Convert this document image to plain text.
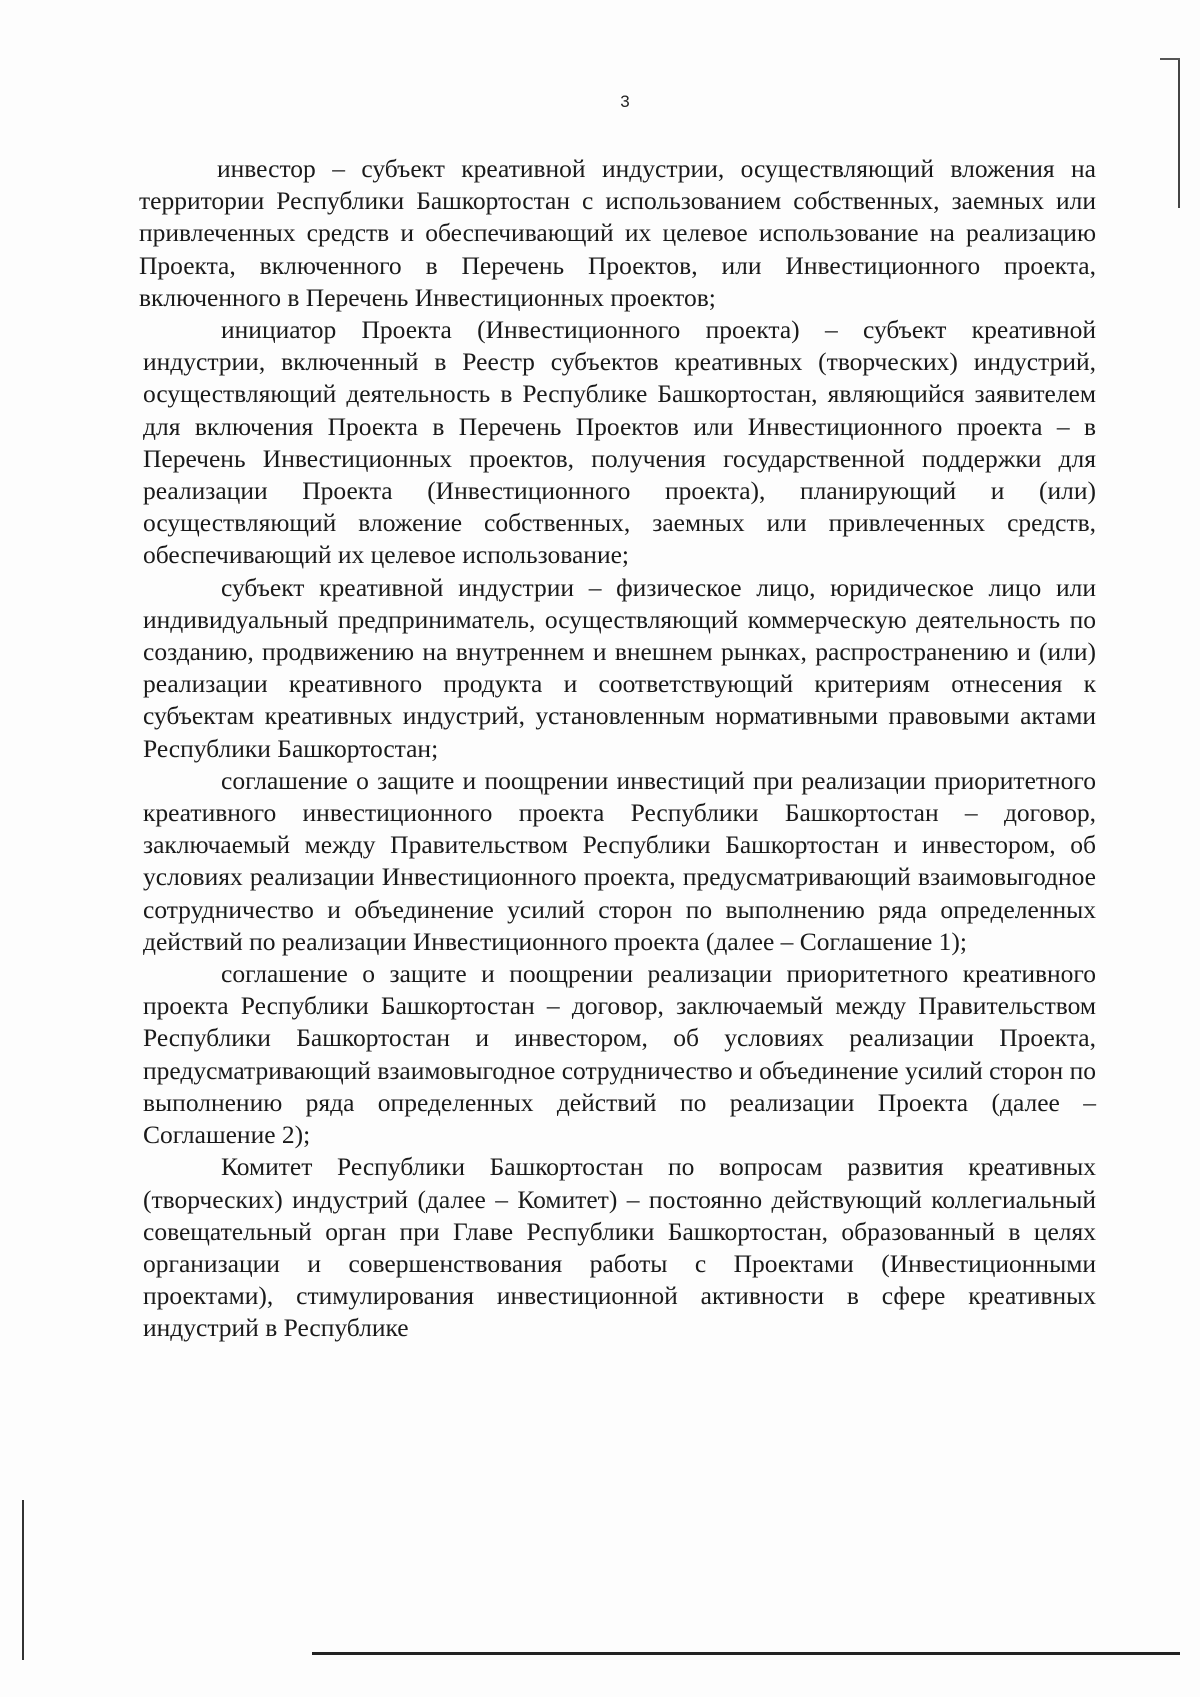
3

инвестор – субъект креативной индустрии, осуществляющий вложения на территории Республики Башкортостан с использованием собственных, заемных или привлеченных средств и обеспечивающий их целевое использование на реализацию Проекта, включенного в Перечень Проектов, или Инвестиционного проекта, включенного в Перечень Инвестиционных проектов;

инициатор Проекта (Инвестиционного проекта) – субъект креативной индустрии, включенный в Реестр субъектов креативных (творческих) индустрий, осуществляющий деятельность в Республике Башкортостан, являющийся заявителем для включения Проекта в Перечень Проектов или Инвестиционного проекта – в Перечень Инвестиционных проектов, получения государственной поддержки для реализации Проекта (Инвестиционного проекта), планирующий и (или) осуществляющий вложение собственных, заемных или привлеченных средств, обеспечивающий их целевое использование;

субъект креативной индустрии – физическое лицо, юридическое лицо или индивидуальный предприниматель, осуществляющий коммерческую деятельность по созданию, продвижению на внутреннем и внешнем рынках, распространению и (или) реализации креативного продукта и соответствующий критериям отнесения к субъектам креативных индустрий, установленным нормативными правовыми актами Республики Башкортостан;

соглашение о защите и поощрении инвестиций при реализации приоритетного креативного инвестиционного проекта Республики Башкортостан – договор, заключаемый между Правительством Республики Башкортостан и инвестором, об условиях реализации Инвестиционного проекта, предусматривающий взаимовыгодное сотрудничество и объединение усилий сторон по выполнению ряда определенных действий по реализации Инвестиционного проекта (далее – Соглашение 1);

соглашение о защите и поощрении реализации приоритетного креативного проекта Республики Башкортостан – договор, заключаемый между Правительством Республики Башкортостан и инвестором, об условиях реализации Проекта, предусматривающий взаимовыгодное сотрудничество и объединение усилий сторон по выполнению ряда определенных действий по реализации Проекта (далее – Соглашение 2);

Комитет Республики Башкортостан по вопросам развития креативных (творческих) индустрий (далее – Комитет) – постоянно действующий коллегиальный совещательный орган при Главе Республики Башкортостан, образованный в целях организации и совершенствования работы с Проектами (Инвестиционными проектами), стимулирования инвестиционной активности в сфере креативных индустрий в Республике
